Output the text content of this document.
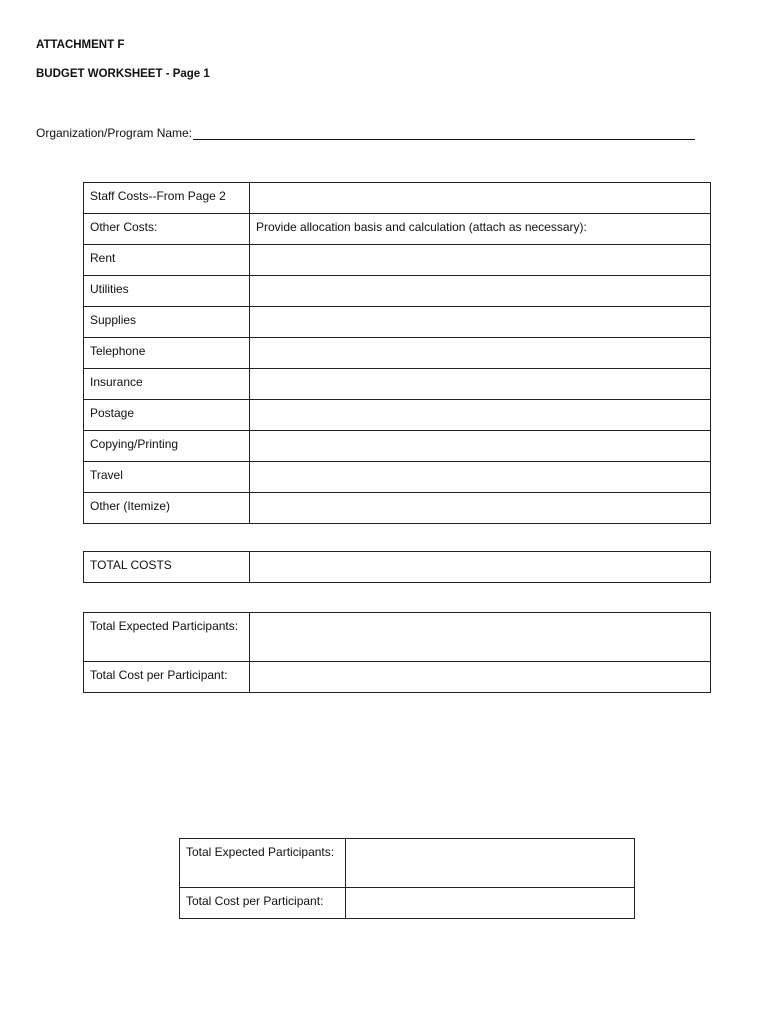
ATTACHMENT F
BUDGET WORKSHEET - Page 1
Organization/Program Name:
Staff Costs--From Page 2	
Other Costs:	Provide allocation basis and calculation (attach as necessary):
Rent	
Utilities	
Supplies	
Telephone	
Insurance	
Postage	
Copying/Printing	
Travel	
Other (Itemize)	
TOTAL COSTS	
Total Expected Participants:	
Total Cost per Participant:	
Total Expected Participants:	
Total Cost per Participant:	
